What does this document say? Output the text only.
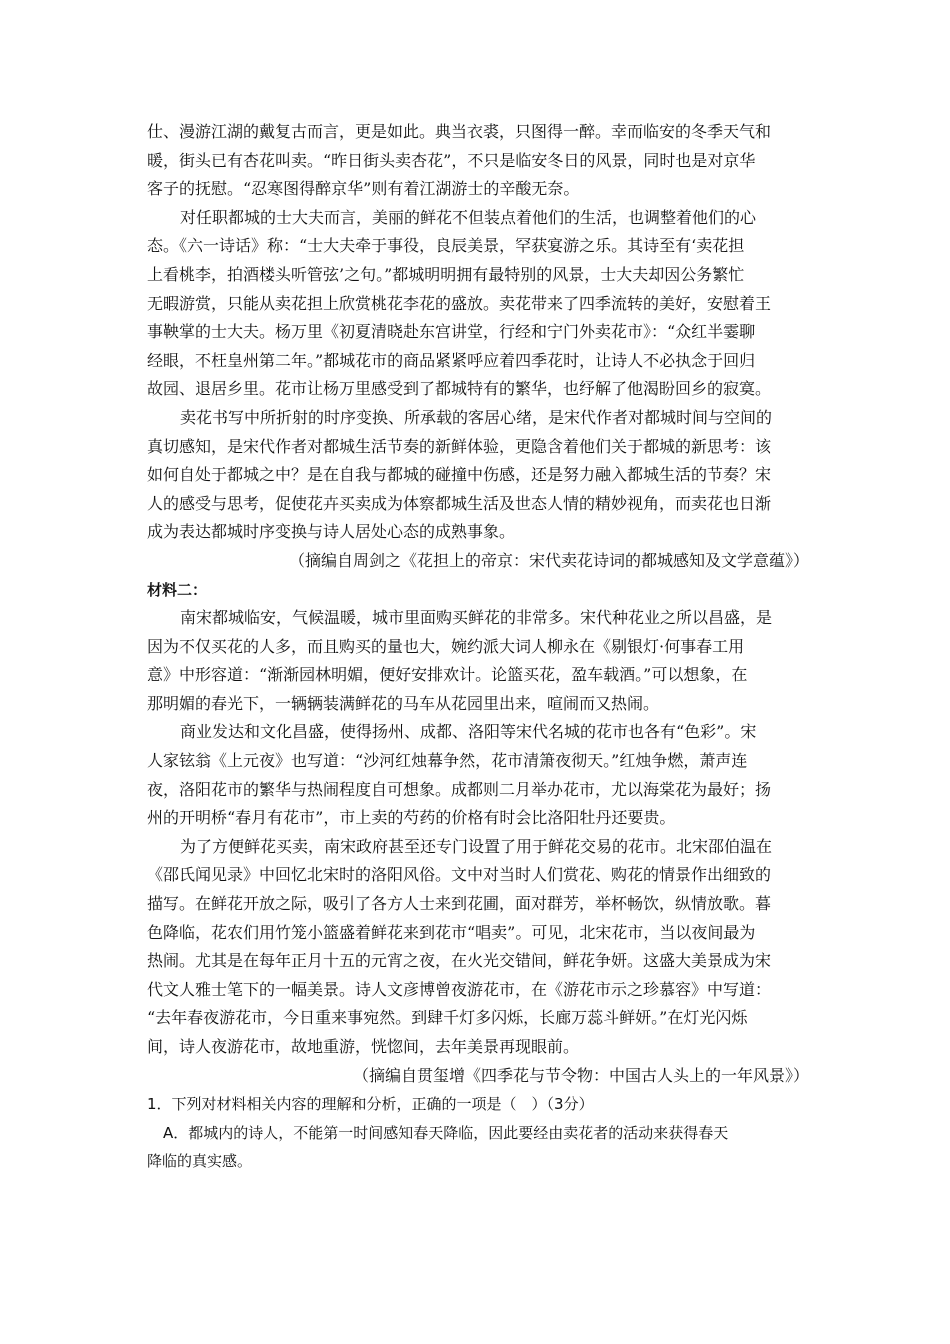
仕、漫游江湖的戴复古而言，更是如此。典当衣裘，只图得一醉。幸而临安的冬季天气和
暖，街头已有杏花叫卖。“昨日街头卖杏花”，不只是临安冬日的风景，同时也是对京华
客子的抚慰。“忍寒图得醉京华”则有着江湖游士的辛酸无奈。
对任职都城的士大夫而言，美丽的鲜花不但装点着他们的生活，也调整着他们的心
态。《六一诗话》称：“士大夫牵于事役，良辰美景，罕获宴游之乐。其诗至有‘卖花担
上看桃李，拍酒楼头听管弦’之句。”都城明明拥有最特别的风景，士大夫却因公务繁忙
无暇游赏，只能从卖花担上欣赏桃花李花的盛放。卖花带来了四季流转的美好，安慰着王
事鞅掌的士大夫。杨万里《初夏清晓赴东宫讲堂，行经和宁门外卖花市》：“众红半霎聊
经眼，不枉皇州第二年。”都城花市的商品紧紧呼应着四季花时，让诗人不必执念于回归
故园、退居乡里。花市让杨万里感受到了都城特有的繁华，也纾解了他渴盼回乡的寂寞。
卖花书写中所折射的时序变换、所承载的客居心绪，是宋代作者对都城时间与空间的
真切感知，是宋代作者对都城生活节奏的新鲜体验，更隐含着他们关于都城的新思考：该
如何自处于都城之中？是在自我与都城的碰撞中伤感，还是努力融入都城生活的节奏？宋
人的感受与思考，促使花卉买卖成为体察都城生活及世态人情的精妙视角，而卖花也日渐
成为表达都城时序变换与诗人居处心态的成熟事象。
（摘编自周剑之《花担上的帝京：宋代卖花诗词的都城感知及文学意蕴》）
材料二：
南宋都城临安，气候温暖，城市里面购买鲜花的非常多。宋代种花业之所以昌盛，是
因为不仅买花的人多，而且购买的量也大，婉约派大词人柳永在《剔银灯·何事春工用
意》中形容道：“渐渐园林明媚，便好安排欢计。论篮买花，盈车载酒。”可以想象，在
那明媚的春光下，一辆辆装满鲜花的马车从花园里出来，喧闹而又热闹。
商业发达和文化昌盛，使得扬州、成都、洛阳等宋代名城的花市也各有“色彩”。宋
人家铉翁《上元夜》也写道：“沙河红烛幕争然，花市清箫夜彻天。”红烛争燃，萧声连
夜，洛阳花市的繁华与热闹程度自可想象。成都则二月举办花市，尤以海棠花为最好；扬
州的开明桥“春月有花市”，市上卖的芍药的价格有时会比洛阳牡丹还要贵。
为了方便鲜花买卖，南宋政府甚至还专门设置了用于鲜花交易的花市。北宋邵伯温在
《邵氏闻见录》中回忆北宋时的洛阳风俗。文中对当时人们赏花、购花的情景作出细致的
描写。在鲜花开放之际，吸引了各方人士来到花圃，面对群芳，举杯畅饮，纵情放歌。暮
色降临，花农们用竹笼小篮盛着鲜花来到花市“唱卖”。可见，北宋花市，当以夜间最为
热闹。尤其是在每年正月十五的元宵之夜，在火光交错间，鲜花争妍。这盛大美景成为宋
代文人雅士笔下的一幅美景。诗人文彦博曾夜游花市，在《游花市示之珍慕容》中写道：
“去年春夜游花市，今日重来事宛然。到肆千灯多闪烁，长廊万蕊斗鲜妍。”在灯光闪烁
间，诗人夜游花市，故地重游，恍惚间，去年美景再现眼前。
（摘编自贯玺增《四季花与节令物：中国古人头上的一年风景》）
1．下列对材料相关内容的理解和分析，正确的一项是（　）（3分）
A．都城内的诗人，不能第一时间感知春天降临，因此要经由卖花者的活动来获得春天
降临的真实感。
